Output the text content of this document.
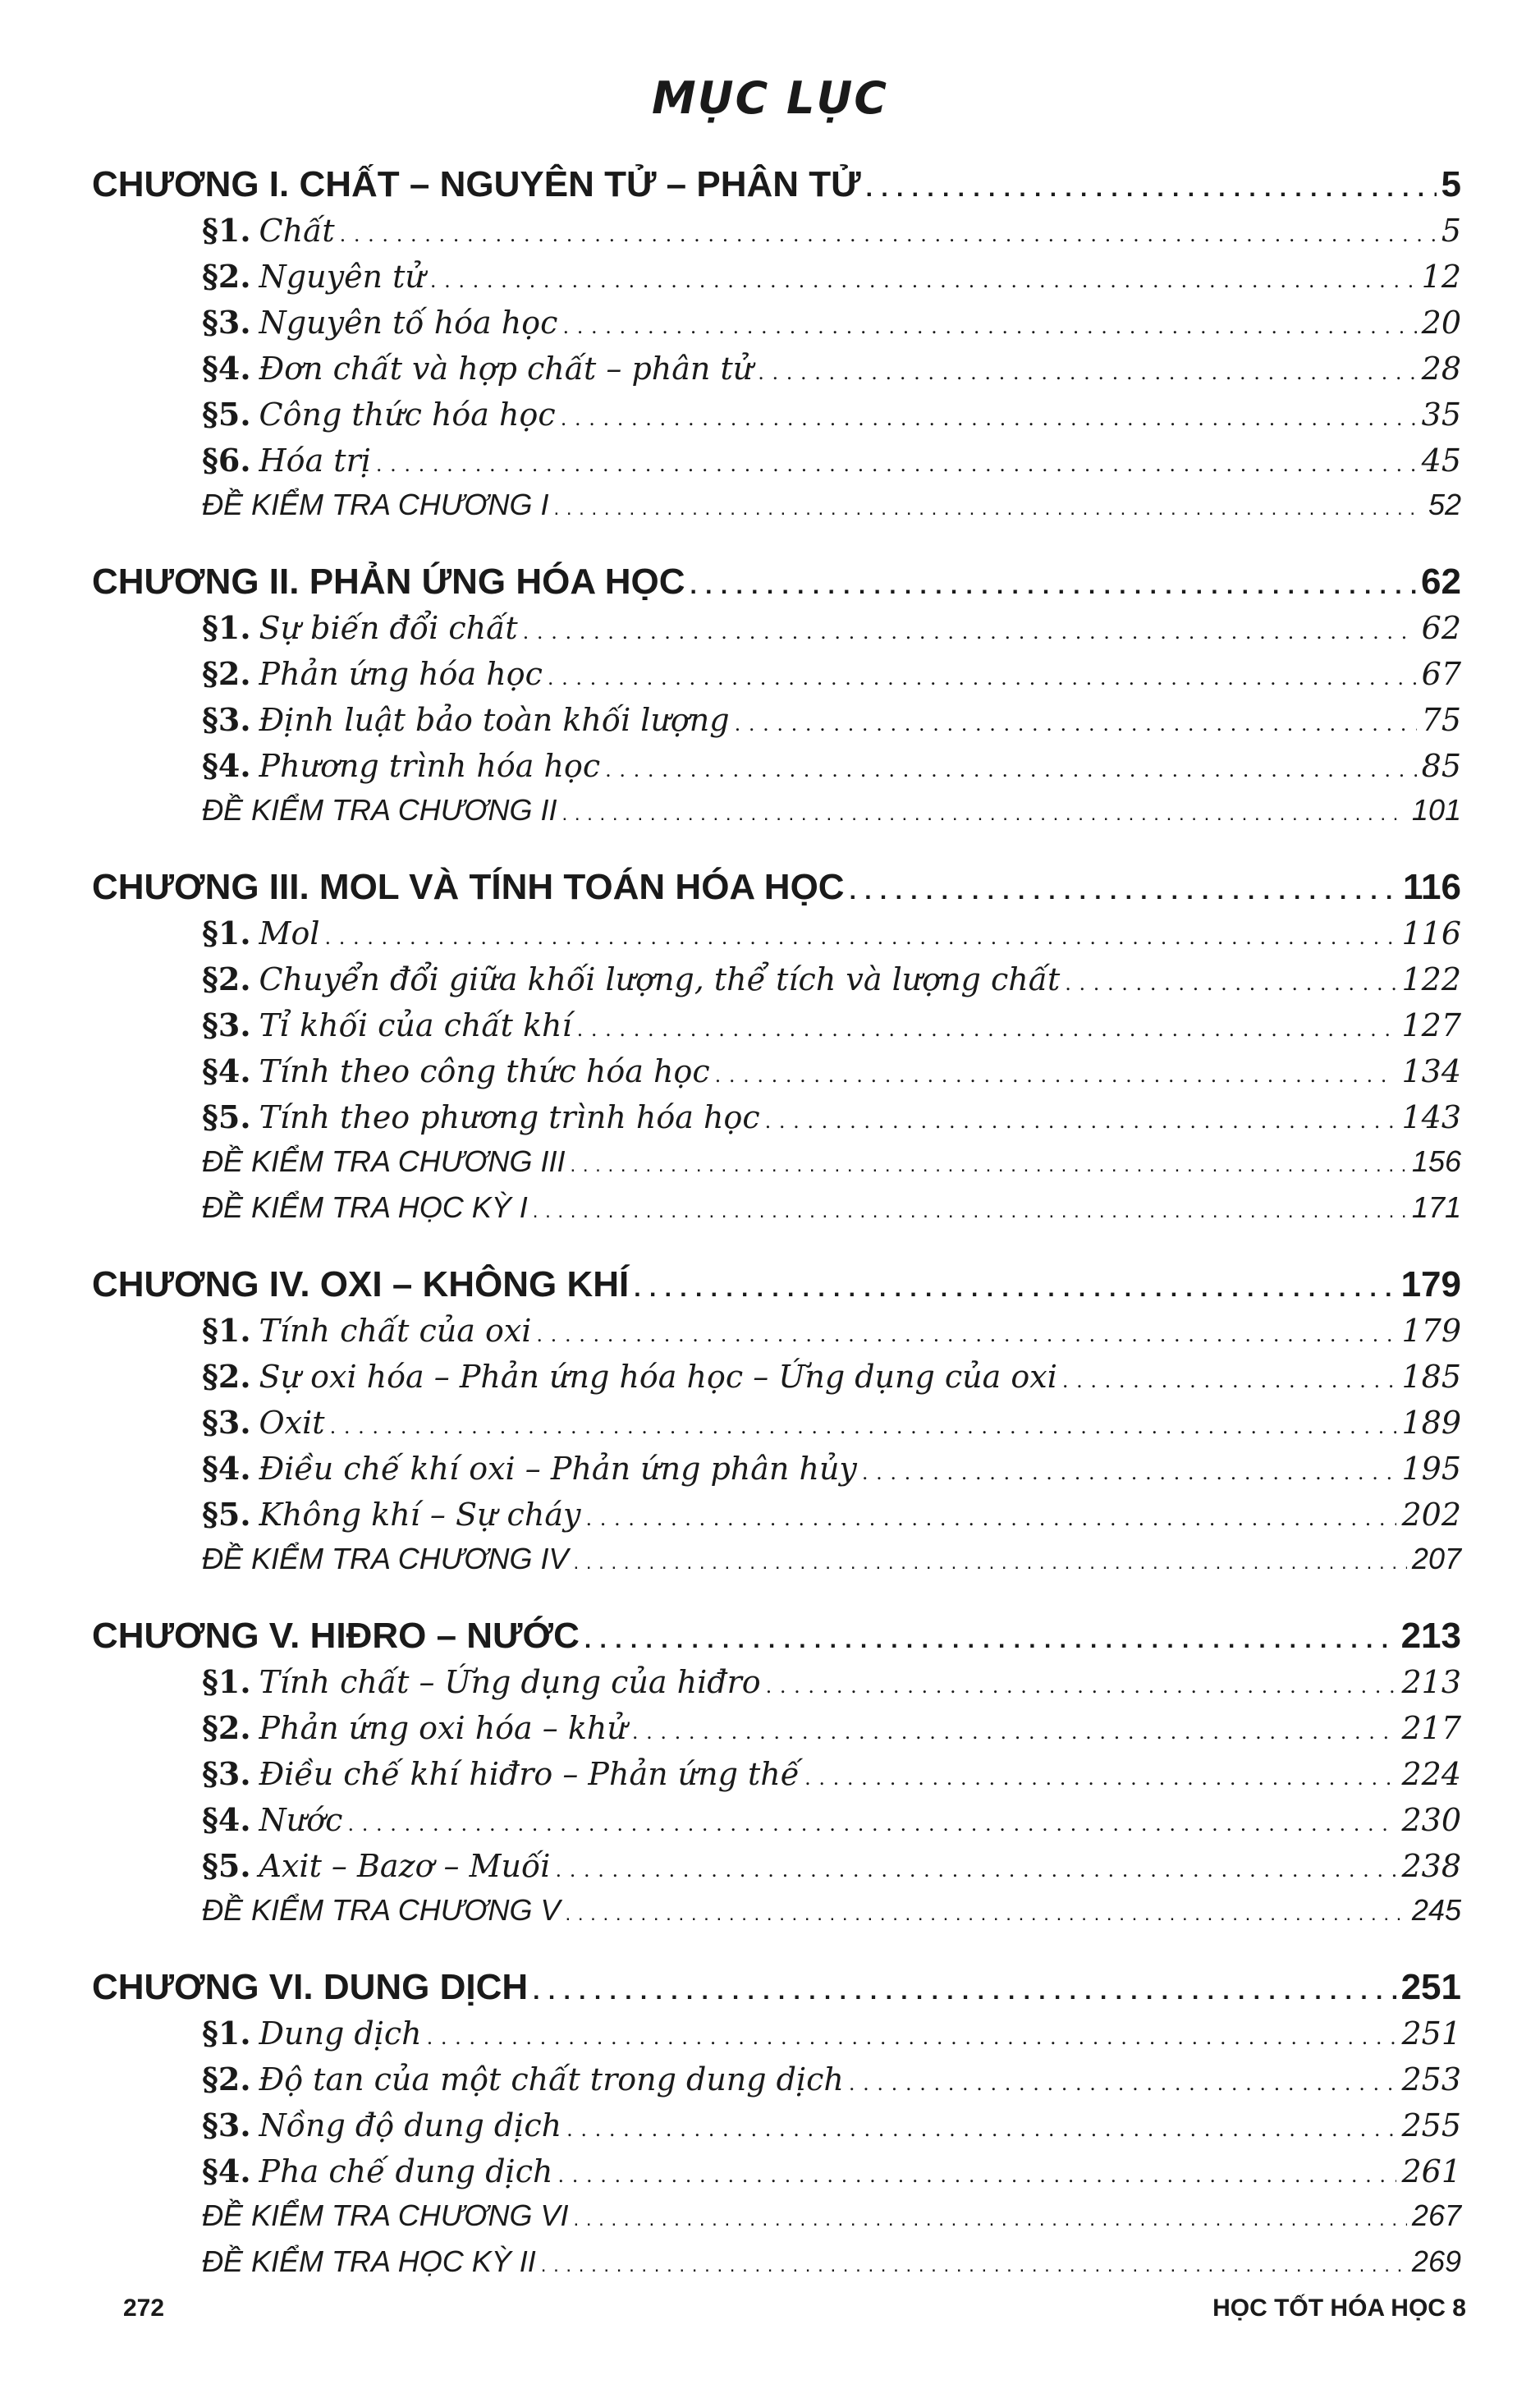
MỤC LỤC
CHƯƠNG I. CHẤT – NGUYÊN TỬ – PHÂN TỬ . . .	5
§1. Chất . . .	5
§2. Nguyên tử . . .	12
§3. Nguyên tố hóa học . . .	20
§4. Đơn chất và hợp chất – phân tử . . .	28
§5. Công thức hóa học . . .	35
§6. Hóa trị . . .	45
ĐỀ KIỂM TRA CHƯƠNG I . . .	52
CHƯƠNG II. PHẢN ỨNG HÓA HỌC . . .	62
§1. Sự biến đổi chất . . .	62
§2. Phản ứng hóa học . . .	67
§3. Định luật bảo toàn khối lượng . . .	75
§4. Phương trình hóa học . . .	85
ĐỀ KIỂM TRA CHƯƠNG II . . .	101
CHƯƠNG III. MOL VÀ TÍNH TOÁN HÓA HỌC . . .	116
§1. Mol . . .	116
§2. Chuyển đổi giữa khối lượng, thể tích và lượng chất . . .	122
§3. Tỉ khối của chất khí . . .	127
§4. Tính theo công thức hóa học . . .	134
§5. Tính theo phương trình hóa học . . .	143
ĐỀ KIỂM TRA CHƯƠNG III . . .	156
ĐỀ KIỂM TRA HỌC KỲ I . . .	171
CHƯƠNG IV. OXI – KHÔNG KHÍ . . .	179
§1. Tính chất của oxi . . .	179
§2. Sự oxi hóa – Phản ứng hóa học – Ứng dụng của oxi . . .	185
§3. Oxit . . .	189
§4. Điều chế khí oxi – Phản ứng phân hủy . . .	195
§5. Không khí – Sự cháy . . .	202
ĐỀ KIỂM TRA CHƯƠNG IV . . .	207
CHƯƠNG V. HIĐRO – NƯỚC . . .	213
§1. Tính chất – Ứng dụng của hiđro . . .	213
§2. Phản ứng oxi hóa – khử . . .	217
§3. Điều chế khí hiđro – Phản ứng thế . . .	224
§4. Nước . . .	230
§5. Axit – Bazơ – Muối . . .	238
ĐỀ KIỂM TRA CHƯƠNG V . . .	245
CHƯƠNG VI. DUNG DỊCH . . .	251
§1. Dung dịch . . .	251
§2. Độ tan của một chất trong dung dịch . . .	253
§3. Nồng độ dung dịch . . .	255
§4. Pha chế dung dịch . . .	261
ĐỀ KIỂM TRA CHƯƠNG VI . . .	267
ĐỀ KIỂM TRA HỌC KỲ II . . .	269
272	HỌC TỐT HÓA HỌC 8
